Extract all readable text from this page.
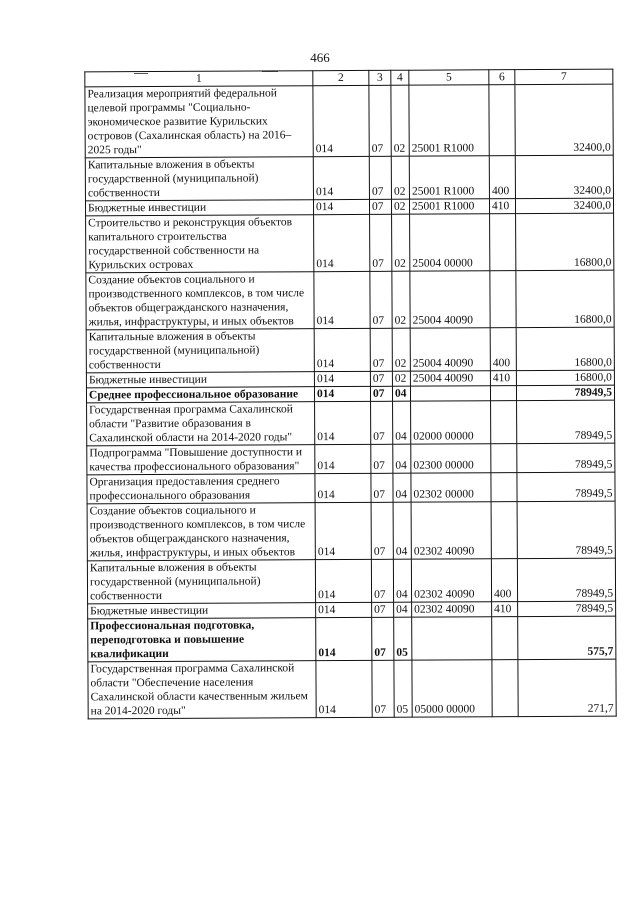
466
1	2	3	4	5	6	7
Реализация мероприятий федеральной целевой программы "Социально-экономическое развитие Курильских островов (Сахалинская область) на 2016–2025 годы"	014	07	02	25001 R1000		32400,0
Капитальные вложения в объекты государственной (муниципальной) собственности	014	07	02	25001 R1000	400	32400,0
Бюджетные инвестиции	014	07	02	25001 R1000	410	32400,0
Строительство и реконструкция объектов капитального строительства государственной собственности на Курильских островах	014	07	02	25004 00000		16800,0
Создание объектов социального и производственного комплексов, в том числе объектов общегражданского назначения, жилья, инфраструктуры, и иных объектов	014	07	02	25004 40090		16800,0
Капитальные вложения в объекты государственной (муниципальной) собственности	014	07	02	25004 40090	400	16800,0
Бюджетные инвестиции	014	07	02	25004 40090	410	16800,0
Среднее профессиональное образование	014	07	04			78949,5
Государственная программа Сахалинской области "Развитие образования в Сахалинской области на 2014-2020 годы"	014	07	04	02000 00000		78949,5
Подпрограмма "Повышение доступности и качества профессионального образования"	014	07	04	02300 00000		78949,5
Организация предоставления среднего профессионального образования	014	07	04	02302 00000		78949,5
Создание объектов социального и производственного комплексов, в том числе объектов общегражданского назначения, жилья, инфраструктуры, и иных объектов	014	07	04	02302 40090		78949,5
Капитальные вложения в объекты государственной (муниципальной) собственности	014	07	04	02302 40090	400	78949,5
Бюджетные инвестиции	014	07	04	02302 40090	410	78949,5
Профессиональная подготовка, переподготовка и повышение квалификации	014	07	05			575,7
Государственная программа Сахалинской области "Обеспечение населения Сахалинской области качественным жильем на 2014-2020 годы"	014	07	05	05000 00000		271,7
